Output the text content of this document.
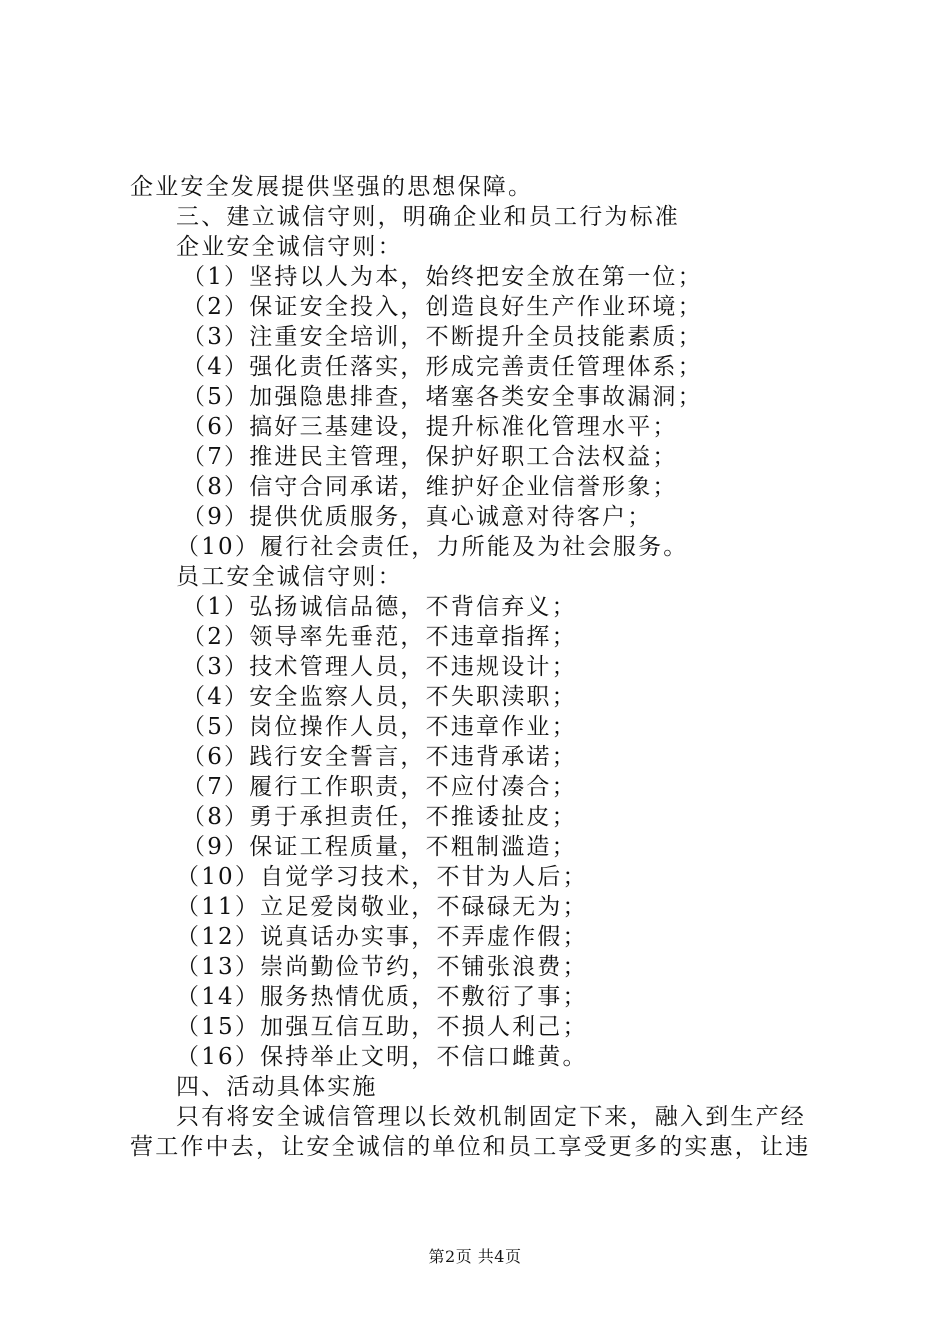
企业安全发展提供坚强的思想保障。
三、建立诚信守则，明确企业和员工行为标准
企业安全诚信守则：
（1）坚持以人为本，始终把安全放在第一位；
（2）保证安全投入，创造良好生产作业环境；
（3）注重安全培训，不断提升全员技能素质；
（4）强化责任落实，形成完善责任管理体系；
（5）加强隐患排查，堵塞各类安全事故漏洞；
（6）搞好三基建设，提升标准化管理水平；
（7）推进民主管理，保护好职工合法权益；
（8）信守合同承诺，维护好企业信誉形象；
（9）提供优质服务，真心诚意对待客户；
（10）履行社会责任，力所能及为社会服务。
员工安全诚信守则：
（1）弘扬诚信品德，不背信弃义；
（2）领导率先垂范，不违章指挥；
（3）技术管理人员，不违规设计；
（4）安全监察人员，不失职渎职；
（5）岗位操作人员，不违章作业；
（6）践行安全誓言，不违背承诺；
（7）履行工作职责，不应付凑合；
（8）勇于承担责任，不推诿扯皮；
（9）保证工程质量，不粗制滥造；
（10）自觉学习技术，不甘为人后；
（11）立足爱岗敬业，不碌碌无为；
（12）说真话办实事，不弄虚作假；
（13）崇尚勤俭节约，不铺张浪费；
（14）服务热情优质，不敷衍了事；
（15）加强互信互助，不损人利己；
（16）保持举止文明，不信口雌黄。
四、活动具体实施
只有将安全诚信管理以长效机制固定下来，融入到生产经
营工作中去，让安全诚信的单位和员工享受更多的实惠，让违
第2页 共4页
